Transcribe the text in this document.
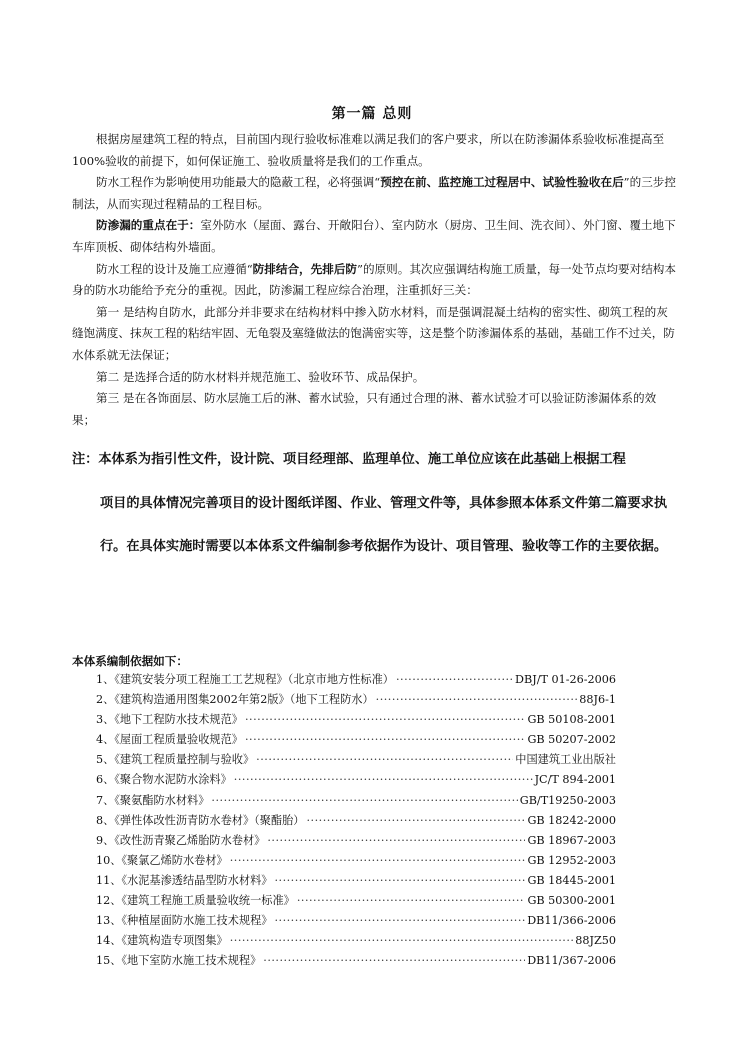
第一篇 总则

根据房屋建筑工程的特点，目前国内现行验收标准难以满足我们的客户要求，所以在防渗漏体系验收标准提高至100%验收的前提下，如何保证施工、验收质量将是我们的工作重点。

防水工程作为影响使用功能最大的隐蔽工程，必将强调“预控在前、监控施工过程居中、试验性验收在后”的三步控制法，从而实现过程精品的工程目标。

防渗漏的重点在于：室外防水（屋面、露台、开敞阳台）、室内防水（厨房、卫生间、洗衣间）、外门窗、覆土地下车库顶板、砌体结构外墙面。

防水工程的设计及施工应遵循“防排结合，先排后防”的原则。其次应强调结构施工质量，每一处节点均要对结构本身的防水功能给予充分的重视。因此，防渗漏工程应综合治理，注重抓好三关：

第一 是结构自防水，此部分并非要求在结构材料中掺入防水材料，而是强调混凝土结构的密实性、砌筑工程的灰缝饱满度、抹灰工程的粘结牢固、无龟裂及塞缝做法的饱满密实等，这是整个防渗漏体系的基础，基础工作不过关，防水体系就无法保证；

第二 是选择合适的防水材料并规范施工、验收环节、成品保护。

第三 是在各饰面层、防水层施工后的淋、蓄水试验，只有通过合理的淋、蓄水试验才可以验证防渗漏体系的效果；

注：本体系为指引性文件，设计院、项目经理部、监理单位、施工单位应该在此基础上根据工程
项目的具体情况完善项目的设计图纸详图、作业、管理文件等，具体参照本体系文件第二篇要求执行。在具体实施时需要以本体系文件编制参考依据作为设计、项目管理、验收等工作的主要依据。
本体系编制依据如下：
1、《建筑安装分项工程施工工艺规程》（北京市地方性标准） ·····	DBJ/T 01-26-2006
2、《建筑构造通用图集2002年第2版》（地下工程防水） ·····	88J6-1
3、《地下工程防水技术规范》 ·····	GB 50108-2001
4、《屋面工程质量验收规范》 ·····	GB 50207-2002
5、《建筑工程质量控制与验收》 ·····	中国建筑工业出版社
6、《聚合物水泥防水涂料》 ·····	JC/T 894-2001
7、《聚氨酯防水材料》 ·····	GB/T19250-2003
8、《弹性体改性沥青防水卷材》（聚酯胎） ·····	GB 18242-2000
9、《改性沥青聚乙烯胎防水卷材》 ·····	GB 18967-2003
10、《聚氯乙烯防水卷材》 ·····	GB 12952-2003
11、《水泥基渗透结晶型防水材料》 ·····	GB 18445-2001
12、《建筑工程施工质量验收统一标准》 ·····	GB 50300-2001
13、《种植屋面防水施工技术规程》 ·····	DB11/366-2006
14、《建筑构造专项图集》 ·····	88JZ50
15、《地下室防水施工技术规程》 ·····	DB11/367-2006
